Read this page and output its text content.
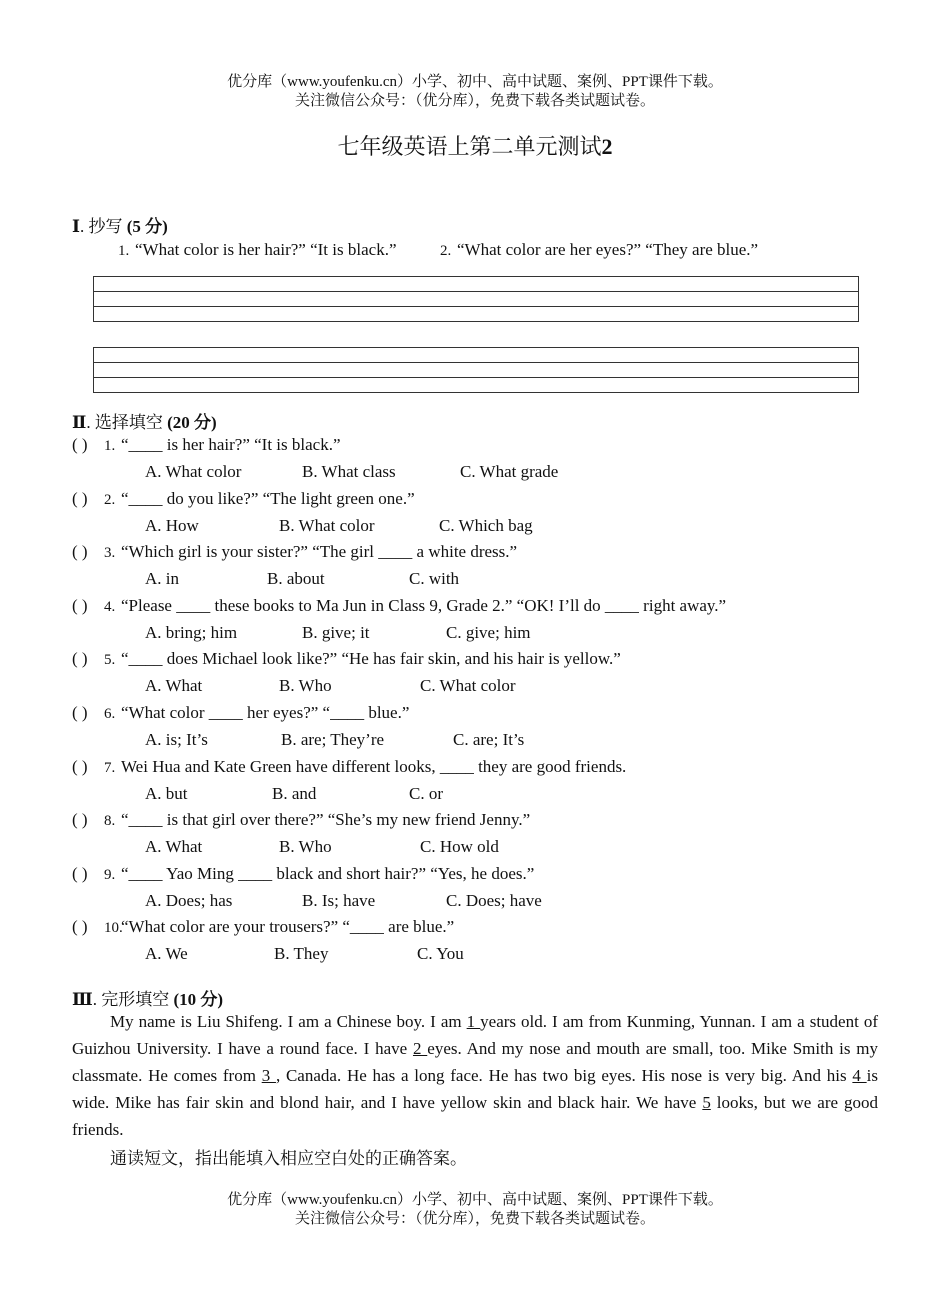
优分库（www.youfenku.cn）小学、初中、高中试题、案例、PPT课件下载。
关注微信公众号：（优分库），免费下载各类试题试卷。
七年级英语上第二单元测试2
Ⅰ. 抄写 (5 分)
1. “What color is her hair?” “It is black.”	2. “What color are her eyes?” “They are blue.”
Ⅱ. 选择填空 (20 分)
( ) 1. “____ is her hair?” “It is black.”
A. What color	B. What class	C. What grade
( ) 2. “____ do you like?” “The light green one.”
A. How	B. What color	C. Which bag
( ) 3. “Which girl is your sister?” “The girl ____ a white dress.”
A. in	B. about	C. with
( ) 4. “Please ____ these books to Ma Jun in Class 9, Grade 2.” “OK! I’ll do ____ right away.”
A. bring; him	B. give; it	C. give; him
( ) 5. “____ does Michael look like?” “He has fair skin, and his hair is yellow.”
A. What	B. Who	C. What color
( ) 6. “What color ____ her eyes?” “____ blue.”
A. is; It’s	B. are; They’re	C. are; It’s
( ) 7. Wei Hua and Kate Green have different looks, ____ they are good friends.
A. but	B. and	C. or
( ) 8. “____ is that girl over there?” “She’s my new friend Jenny.”
A. What	B. Who	C. How old
( ) 9. “____ Yao Ming ____ black and short hair?” “Yes, he does.”
A. Does; has	B. Is; have	C. Does; have
( ) 10.“What color are your trousers?” “____ are blue.”
A. We	B. They	C. You
Ⅲ. 完形填空 (10 分)
My name is Liu Shifeng. I am a Chinese boy. I am 1 years old. I am from Kunming, Yunnan. I am a student of Guizhou University. I have a round face. I have 2 eyes. And my nose and mouth are small, too. Mike Smith is my classmate. He comes from 3 , Canada. He has a long face. He has two big eyes. His nose is very big. And his 4 is wide. Mike has fair skin and blond hair, and I have yellow skin and black hair. We have 5 looks, but we are good friends.
通读短文，指出能填入相应空白处的正确答案。
优分库（www.youfenku.cn）小学、初中、高中试题、案例、PPT课件下载。
关注微信公众号：（优分库），免费下载各类试题试卷。
